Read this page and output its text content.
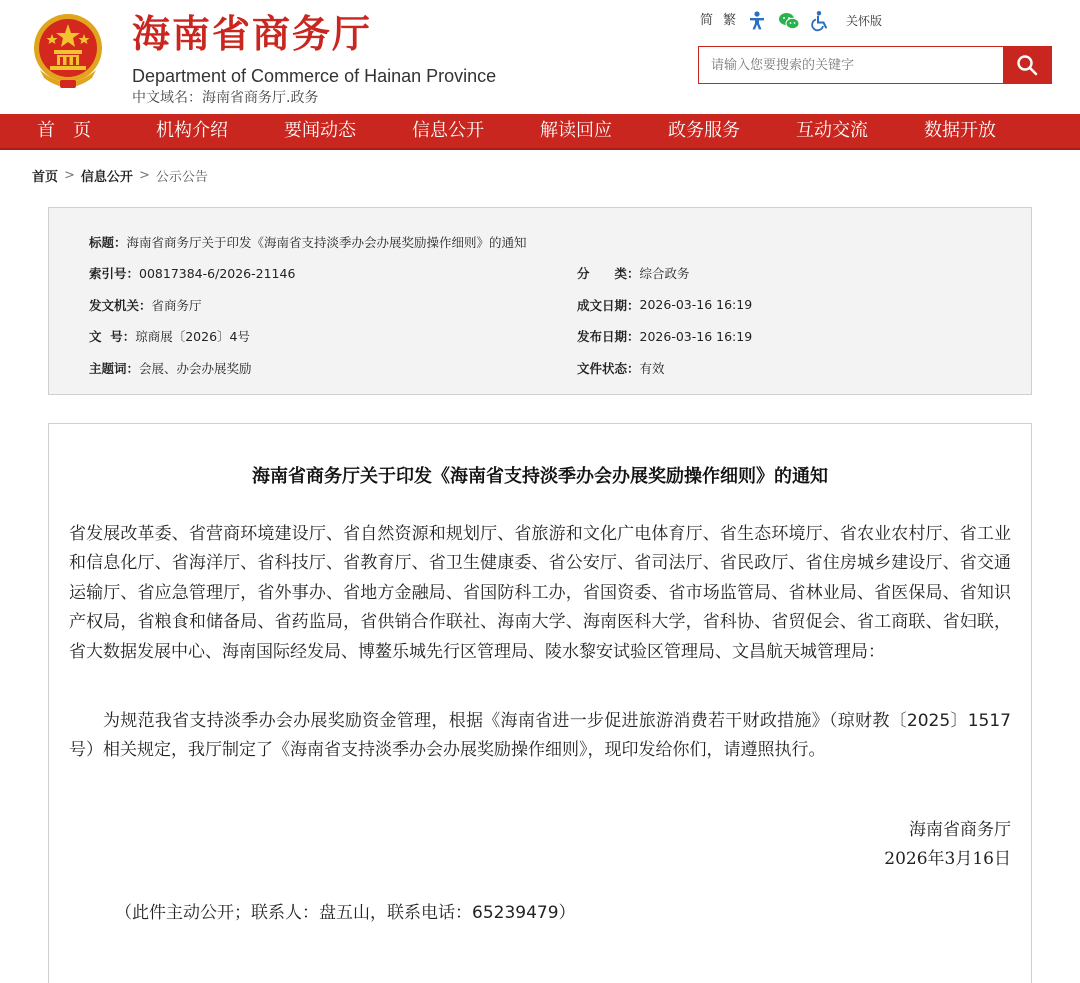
海南省商务厅
Department of Commerce of Hainan Province
中文域名：海南省商务厅.政务
简 繁	关怀版
请输入您要搜索的关键字
首　页	机构介绍	要闻动态	信息公开	解读回应	政务服务	互动交流	数据开放
首页 > 信息公开 > 公示公告
标题： 海南省商务厅关于印发《海南省支持淡季办会办展奖励操作细则》的通知
索引号： 00817384-6/2026-21146	分　　类： 综合政务
发文机关： 省商务厅	成文日期： 2026-03-16 16:19
文  号： 琼商展〔2026〕4号	发布日期： 2026-03-16 16:19
主题词： 会展、办会办展奖励	文件状态： 有效
海南省商务厅关于印发《海南省支持淡季办会办展奖励操作细则》的通知
省发展改革委、省营商环境建设厅、省自然资源和规划厅、省旅游和文化广电体育厅、省生态环境厅、省农业农村厅、省工业和信息化厅、省海洋厅、省科技厅、省教育厅、省卫生健康委、省公安厅、省司法厅、省民政厅、省住房城乡建设厅、省交通运输厅、省应急管理厅，省外事办、省地方金融局、省国防科工办，省国资委、省市场监管局、省林业局、省医保局、省知识产权局，省粮食和储备局、省药监局，省供销合作联社、海南大学、海南医科大学，省科协、省贸促会、省工商联、省妇联，省大数据发展中心、海南国际经发局、博鳌乐城先行区管理局、陵水黎安试验区管理局、文昌航天城管理局：
为规范我省支持淡季办会办展奖励资金管理，根据《海南省进一步促进旅游消费若干财政措施》（琼财教〔2025〕1517号）相关规定，我厅制定了《海南省支持淡季办会办展奖励操作细则》，现印发给你们，请遵照执行。
海南省商务厅
2026年3月16日
（此件主动公开；联系人：盘五山，联系电话：65239479）
